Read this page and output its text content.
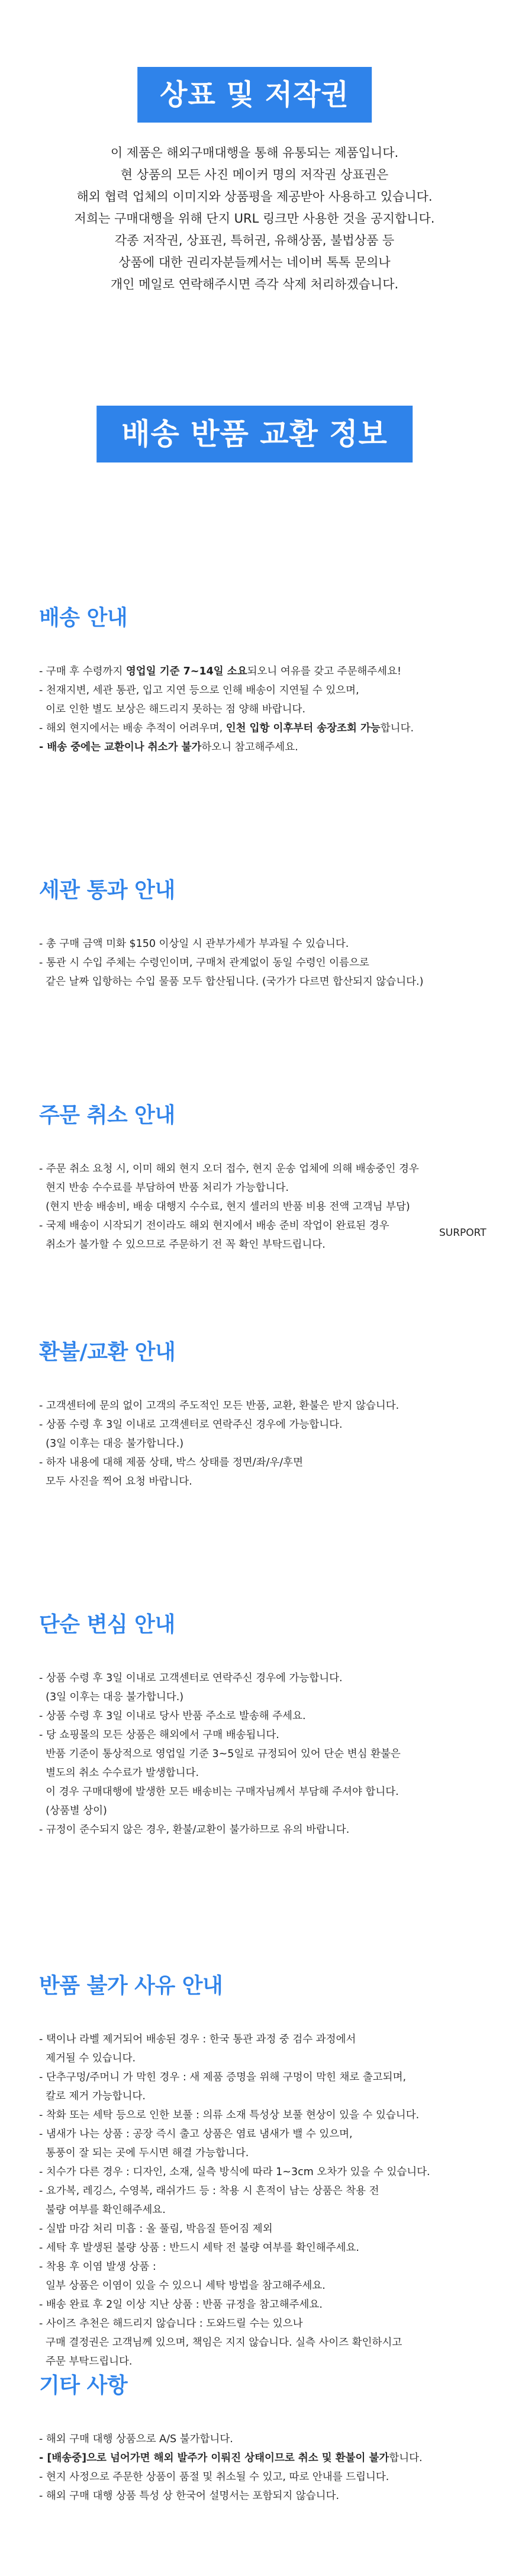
상표 및 저작권
이 제품은 해외구매대행을 통해 유통되는 제품입니다.
현 상품의 모든 사진 메이커 명의 저작권 상표권은
해외 협력 업체의 이미지와 상품평을 제공받아 사용하고 있습니다.
저희는 구매대행을 위해 단지 URL 링크만 사용한 것을 공지합니다.
각종 저작권, 상표권, 특허권, 유해상품, 불법상품 등
상품에 대한 권리자분들께서는 네이버 톡톡 문의나
개인 메일로 연락해주시면 즉각 삭제 처리하겠습니다.
배송 반품 교환 정보
SURPORT
배송 안내
- 구매 후 수령까지 영업일 기준 7~14일 소요되오니 여유를 갖고 주문해주세요!
- 천재지변, 세관 통관, 입고 지연 등으로 인해 배송이 지연될 수 있으며,
이로 인한 별도 보상은 해드리지 못하는 점 양해 바랍니다.
- 해외 현지에서는 배송 추적이 어려우며, 인천 입항 이후부터 송장조회 가능합니다.
- 배송 중에는 교환이나 취소가 불가하오니 참고해주세요.
세관 통과 안내
- 총 구매 금액 미화 $150 이상일 시 관부가세가 부과될 수 있습니다.
- 통관 시 수입 주체는 수령인이며, 구매처 관계없이 동일 수령인 이름으로
같은 날짜 입항하는 수입 물품 모두 합산됩니다. (국가가 다르면 합산되지 않습니다.)
주문 취소 안내
- 주문 취소 요청 시, 이미 해외 현지 오더 접수, 현지 운송 업체에 의해 배송중인 경우
현지 반송 수수료를 부담하여 반품 처리가 가능합니다.
(현지 반송 배송비, 배송 대행지 수수료, 현지 셀러의 반품 비용 전액 고객님 부담)
- 국제 배송이 시작되기 전이라도 해외 현지에서 배송 준비 작업이 완료된 경우
취소가 불가할 수 있으므로 주문하기 전 꼭 확인 부탁드립니다.
환불/교환 안내
- 고객센터에 문의 없이 고객의 주도적인 모든 반품, 교환, 환불은 받지 않습니다.
- 상품 수령 후 3일 이내로 고객센터로 연락주신 경우에 가능합니다.
(3일 이후는 대응 불가합니다.)
- 하자 내용에 대해 제품 상태, 박스 상태를 정면/좌/우/후면
모두 사진을 찍어 요청 바랍니다.
단순 변심 안내
- 상품 수령 후 3일 이내로 고객센터로 연락주신 경우에 가능합니다.
(3일 이후는 대응 불가합니다.)
- 상품 수령 후 3일 이내로 당사 반품 주소로 발송해 주세요.
- 당 쇼핑몰의 모든 상품은 해외에서 구매 배송됩니다.
반품 기준이 통상적으로 영업일 기준 3~5일로 규정되어 있어 단순 변심 환불은
별도의 취소 수수료가 발생합니다.
이 경우 구매대행에 발생한 모든 배송비는 구매자님께서 부담해 주셔야 합니다.
(상품별 상이)
- 규정이 준수되지 않은 경우, 환불/교환이 불가하므로 유의 바랍니다.
반품 불가 사유 안내
- 택이나 라벨 제거되어 배송된 경우 : 한국 통관 과정 중 검수 과정에서
제거될 수 있습니다.
- 단추구멍/주머니 가 막힌 경우 : 새 제품 증명을 위해 구멍이 막힌 채로 출고되며,
칼로 제거 가능합니다.
- 착화 또는 세탁 등으로 인한 보풀 : 의류 소재 특성상 보풀 현상이 있을 수 있습니다.
- 냄새가 나는 상품 : 공장 즉시 출고 상품은 염료 냄새가 밸 수 있으며,
통풍이 잘 되는 곳에 두시면 해결 가능합니다.
- 치수가 다른 경우 : 디자인, 소재, 실측 방식에 따라 1~3cm 오차가 있을 수 있습니다.
- 요가복, 레깅스, 수영복, 래쉬가드 등 : 착용 시 흔적이 남는 상품은 착용 전
불량 여부를 확인해주세요.
- 실밥 마감 처리 미흡 : 올 풀림, 박음질 뜯어짐 제외
- 세탁 후 발생된 불량 상품 : 반드시 세탁 전 불량 여부를 확인해주세요.
- 착용 후 이염 발생 상품 :
일부 상품은 이염이 있을 수 있으니 세탁 방법을 참고해주세요.
- 배송 완료 후 2일 이상 지난 상품 : 반품 규정을 참고해주세요.
- 사이즈 추천은 해드리지 않습니다 : 도와드릴 수는 있으나
구매 결정권은 고객님께 있으며, 책임은 지지 않습니다. 실측 사이즈 확인하시고
주문 부탁드립니다.
기타 사항
- 해외 구매 대행 상품으로 A/S 불가합니다.
- [배송중]으로 넘어가면 해외 발주가 이뤄진 상태이므로 취소 및 환불이 불가합니다.
- 현지 사정으로 주문한 상품이 품절 및 취소될 수 있고, 따로 안내를 드립니다.
- 해외 구매 대행 상품 특성 상 한국어 설명서는 포함되지 않습니다.
